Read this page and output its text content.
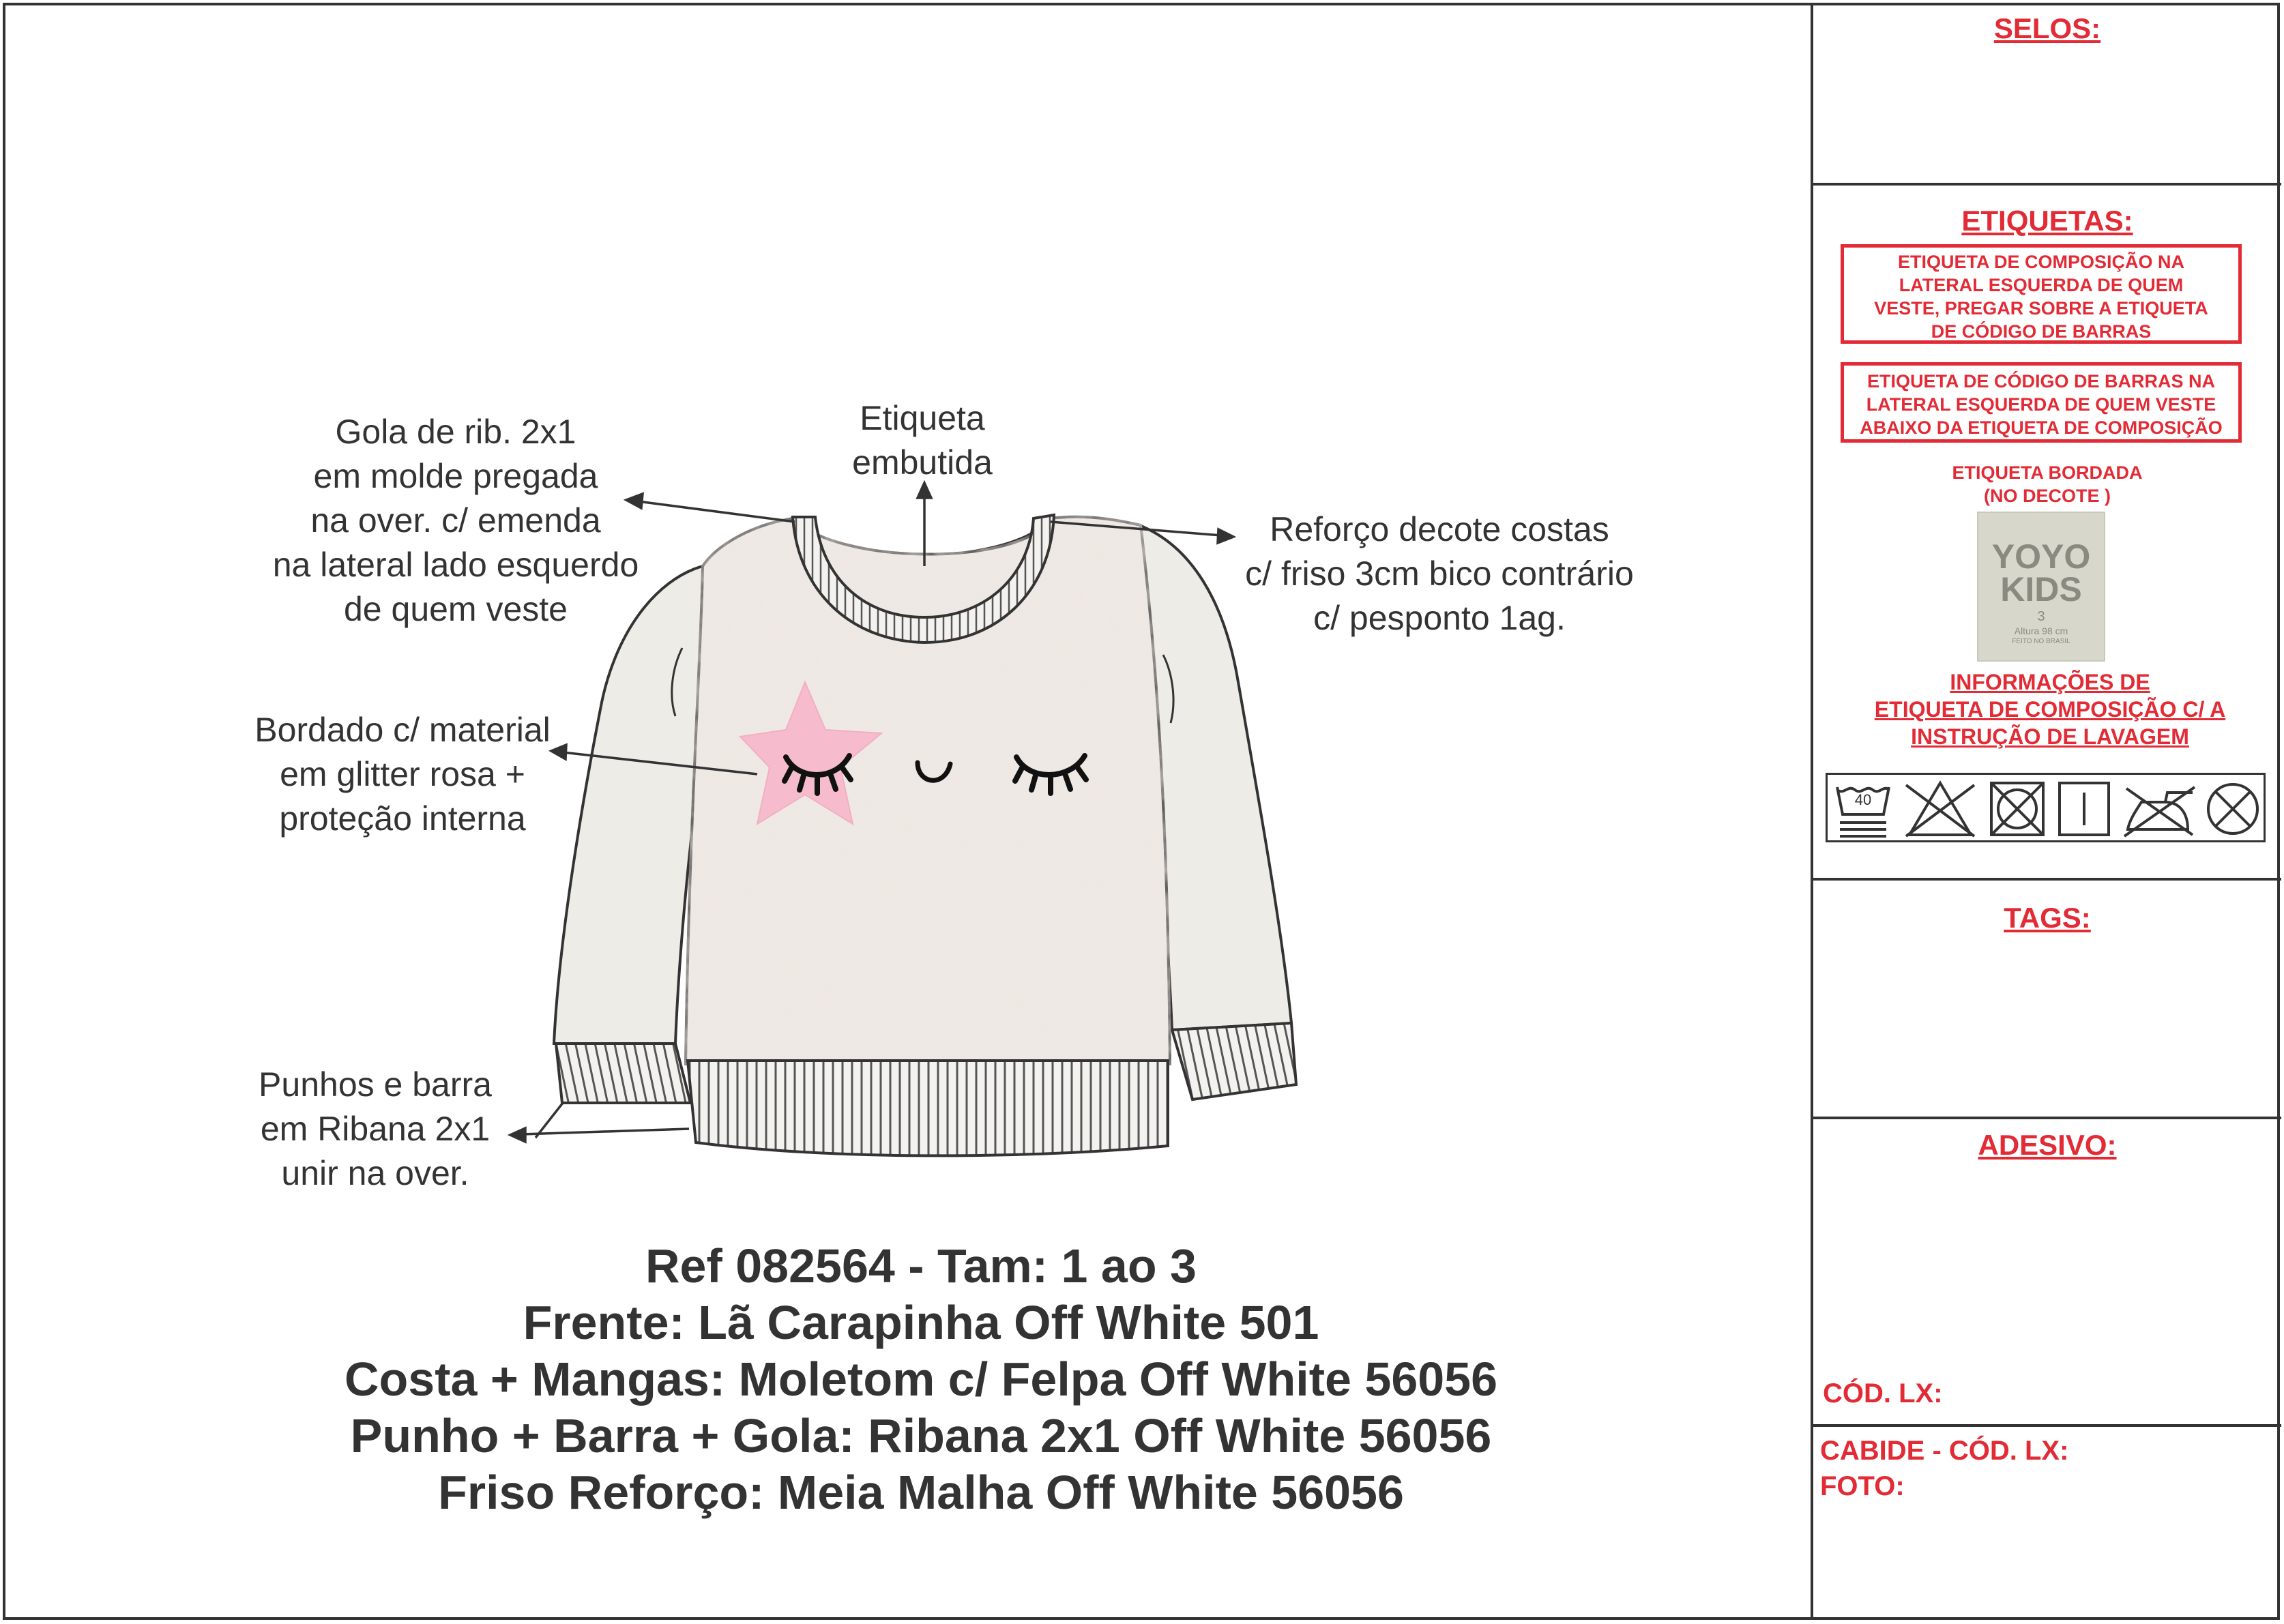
Gola de rib. 2x1
em molde pregada
na over. c/ emenda
na lateral lado esquerdo
de quem veste
Etiqueta
embutida
Reforço decote costas
c/ friso 3cm bico contrário
c/ pesponto 1ag.
Bordado c/ material
em glitter rosa +
proteção interna
Punhos e barra
em Ribana 2x1
unir na over.
Ref 082564 - Tam: 1 ao 3
Frente: Lã Carapinha Off White 501
Costa + Mangas: Moletom c/ Felpa Off White 56056
Punho + Barra + Gola: Ribana 2x1 Off White 56056
Friso Reforço: Meia Malha Off White 56056
SELOS:
ETIQUETAS:
ETIQUETA DE COMPOSIÇÃO NA
LATERAL ESQUERDA DE QUEM
VESTE, PREGAR SOBRE A ETIQUETA
DE CÓDIGO DE BARRAS
ETIQUETA DE CÓDIGO DE BARRAS NA
LATERAL ESQUERDA DE QUEM VESTE
ABAIXO DA ETIQUETA DE COMPOSIÇÃO
ETIQUETA BORDADA
(NO DECOTE )
YOYO
KIDS
3
Altura 98 cm
FEITO NO BRASIL
INFORMAÇÕES DE
ETIQUETA DE COMPOSIÇÃO C/ A
INSTRUÇÃO DE LAVAGEM
40
TAGS:
ADESIVO:
CÓD. LX:
CABIDE - CÓD. LX:
FOTO:
